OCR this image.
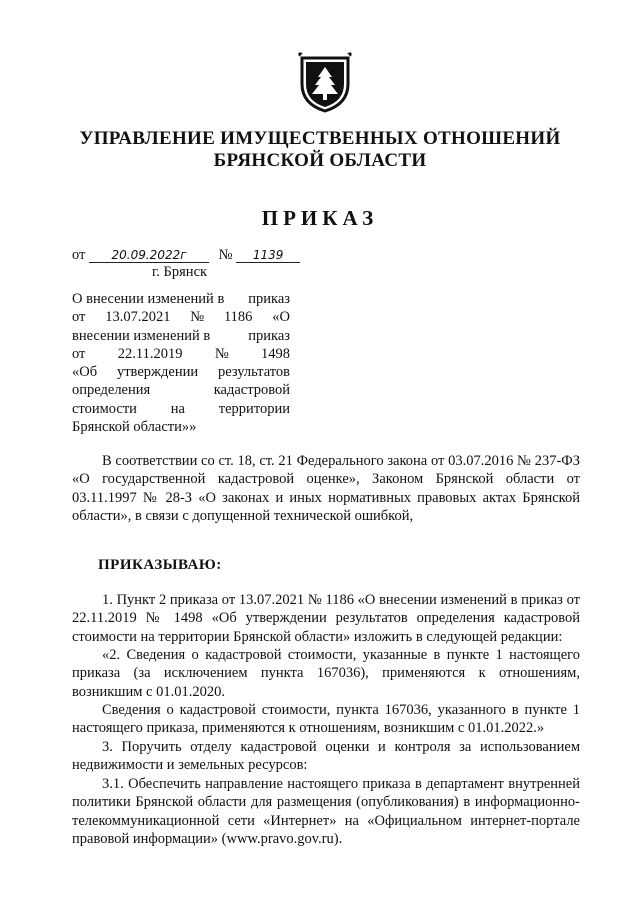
УПРАВЛЕНИЕ ИМУЩЕСТВЕННЫХ ОТНОШЕНИЙ
БРЯНСКОЙ ОБЛАСТИ
ПРИКАЗ
от 20.09.2022г № 1139
г. Брянск
О внесении изменений в приказ
от 13.07.2021 № 1186 «О
внесении изменений в	приказ
от 22.11.2019 № 1498
«Об утверждении результатов
определения	кадастровой
стоимости на территории
Брянской области»»
В соответствии со ст. 18, ст. 21 Федерального закона от 03.07.2016 № 237-ФЗ «О государственной кадастровой оценке», Законом Брянской области от 03.11.1997 № 28-З «О законах и иных нормативных правовых актах Брянской области», в связи с допущенной технической ошибкой,
ПРИКАЗЫВАЮ:
1. Пункт 2 приказа от 13.07.2021 № 1186 «О внесении изменений в приказ от 22.11.2019 № 1498 «Об утверждении результатов определения кадастровой стоимости на территории Брянской области» изложить в следующей редакции:
«2. Сведения о кадастровой стоимости, указанные в пункте 1 настоящего приказа (за исключением пункта 167036), применяются к отношениям, возникшим с 01.01.2020.
Сведения о кадастровой стоимости, пункта 167036, указанного в пункте 1 настоящего приказа, применяются к отношениям, возникшим с 01.01.2022.»
3. Поручить отделу кадастровой оценки и контроля за использованием недвижимости и земельных ресурсов:
3.1. Обеспечить направление настоящего приказа в департамент внутренней политики Брянской области для размещения (опубликования) в информационно-телекоммуникационной сети «Интернет» на «Официальном интернет-портале правовой информации» (www.pravo.gov.ru).
